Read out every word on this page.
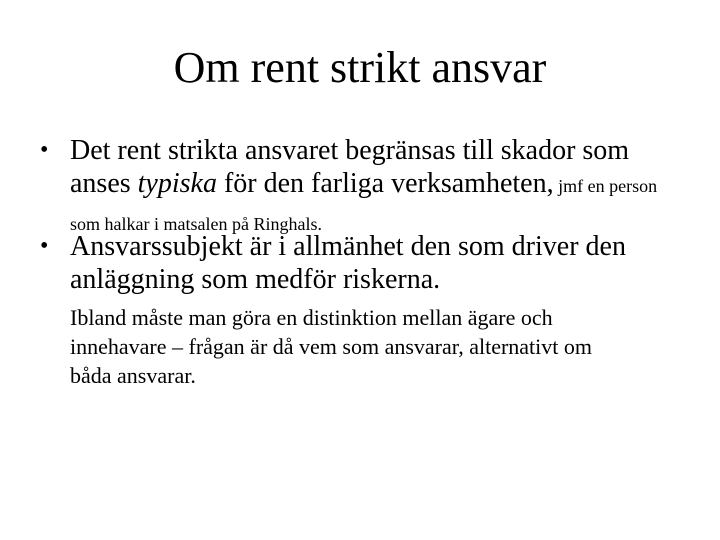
Om rent strikt ansvar
• Det rent strikta ansvaret begränsas till skador som
anses typiska för den farliga verksamheten, jmf en person
som halkar i matsalen på Ringhals.
• Ansvarssubjekt är i allmänhet den som driver den
anläggning som medför riskerna.
Ibland måste man göra en distinktion mellan ägare och
innehavare – frågan är då vem som ansvarar, alternativt om
båda ansvarar.
